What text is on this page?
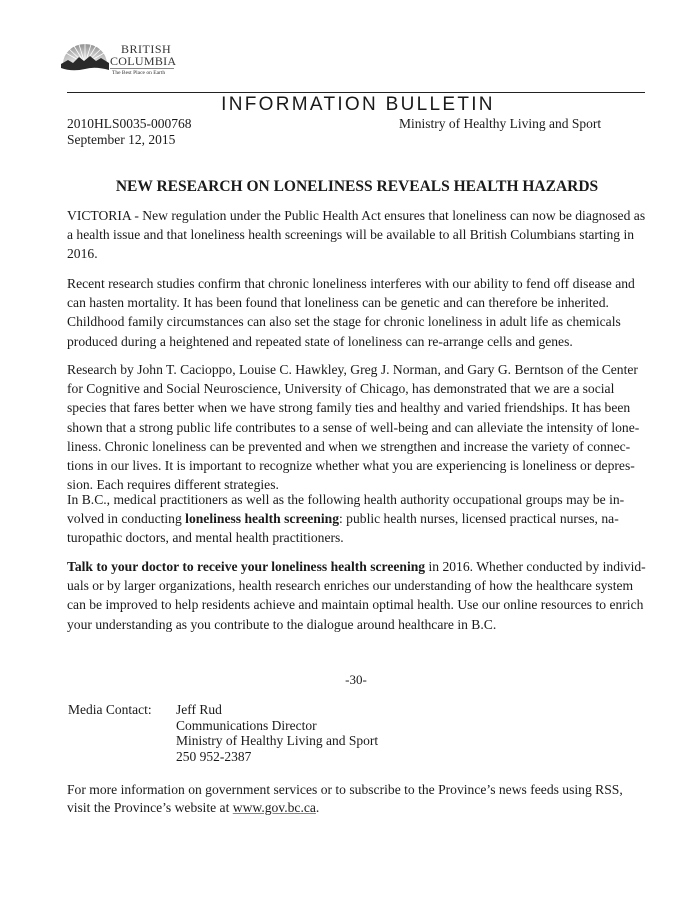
BRITISH
COLUMBIA
The Best Place on Earth
INFORMATION BULLETIN
2010HLS0035-000768
September 12, 2015
Ministry of Healthy Living and Sport
NEW RESEARCH ON LONELINESS REVEALS HEALTH HAZARDS

VICTORIA - New regulation under the Public Health Act ensures that loneliness can now be diagnosed as a health issue and that loneliness health screenings will be available to all British Columbians starting in 2016.

Recent research studies confirm that chronic loneliness interferes with our ability to fend off disease and can hasten mortality. It has been found that loneliness can be genetic and can therefore be inherited. Childhood family circumstances can also set the stage for chronic loneliness in adult life as chemicals produced during a heightened and repeated state of loneliness can re-arrange cells and genes.

Research by John T. Cacioppo, Louise C. Hawkley, Greg J. Norman, and Gary G. Berntson of the Center for Cognitive and Social Neuroscience, University of Chicago, has demonstrated that we are a social species that fares better when we have strong family ties and healthy and varied friendships. It has been shown that a strong public life contributes to a sense of well-being and can alleviate the intensity of loneliness. Chronic loneliness can be prevented and when we strengthen and increase the variety of connections in our lives. It is important to recognize whether what you are experiencing is loneliness or depression. Each requires different strategies.

In B.C., medical practitioners as well as the following health authority occupational groups may be involved in conducting loneliness health screening: public health nurses, licensed practical nurses, naturopathic doctors, and mental health practitioners.

Talk to your doctor to receive your loneliness health screening in 2016. Whether conducted by individuals or by larger organizations, health research enriches our understanding of how the healthcare system can be improved to help residents achieve and maintain optimal health. Use our online resources to enrich your understanding as you contribute to the dialogue around healthcare in B.C.

-30-
Media Contact: Jeff Rud
Communications Director
Ministry of Healthy Living and Sport
250 952-2387
For more information on government services or to subscribe to the Province’s news feeds using RSS, visit the Province’s website at www.gov.bc.ca.
